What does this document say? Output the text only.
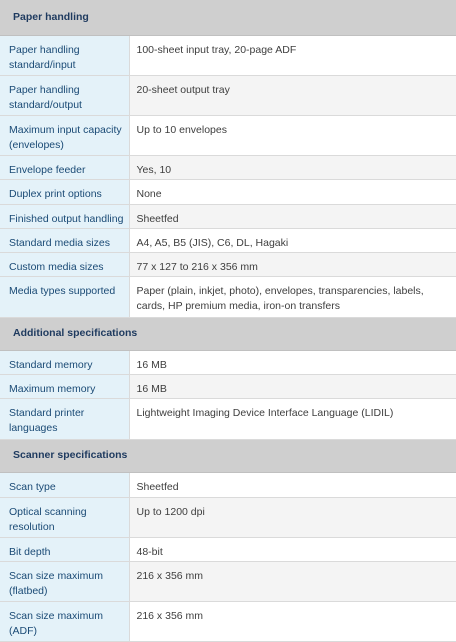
Paper handling	
Paper handling standard/input	100-sheet input tray, 20-page ADF
Paper handling standard/output	20-sheet output tray
Maximum input capacity (envelopes)	Up to 10 envelopes
Envelope feeder	Yes, 10
Duplex print options	None
Finished output handling	Sheetfed
Standard media sizes	A4, A5, B5 (JIS), C6, DL, Hagaki
Custom media sizes	77 x 127 to 216 x 356 mm
Media types supported	Paper (plain, inkjet, photo), envelopes, transparencies, labels, cards, HP premium media, iron-on transfers
Additional specifications	
Standard memory	16 MB
Maximum memory	16 MB
Standard printer languages	Lightweight Imaging Device Interface Language (LIDIL)
Scanner specifications	
Scan type	Sheetfed
Optical scanning resolution	Up to 1200 dpi
Bit depth	48-bit
Scan size maximum (flatbed)	216 x 356 mm
Scan size maximum (ADF)	216 x 356 mm
